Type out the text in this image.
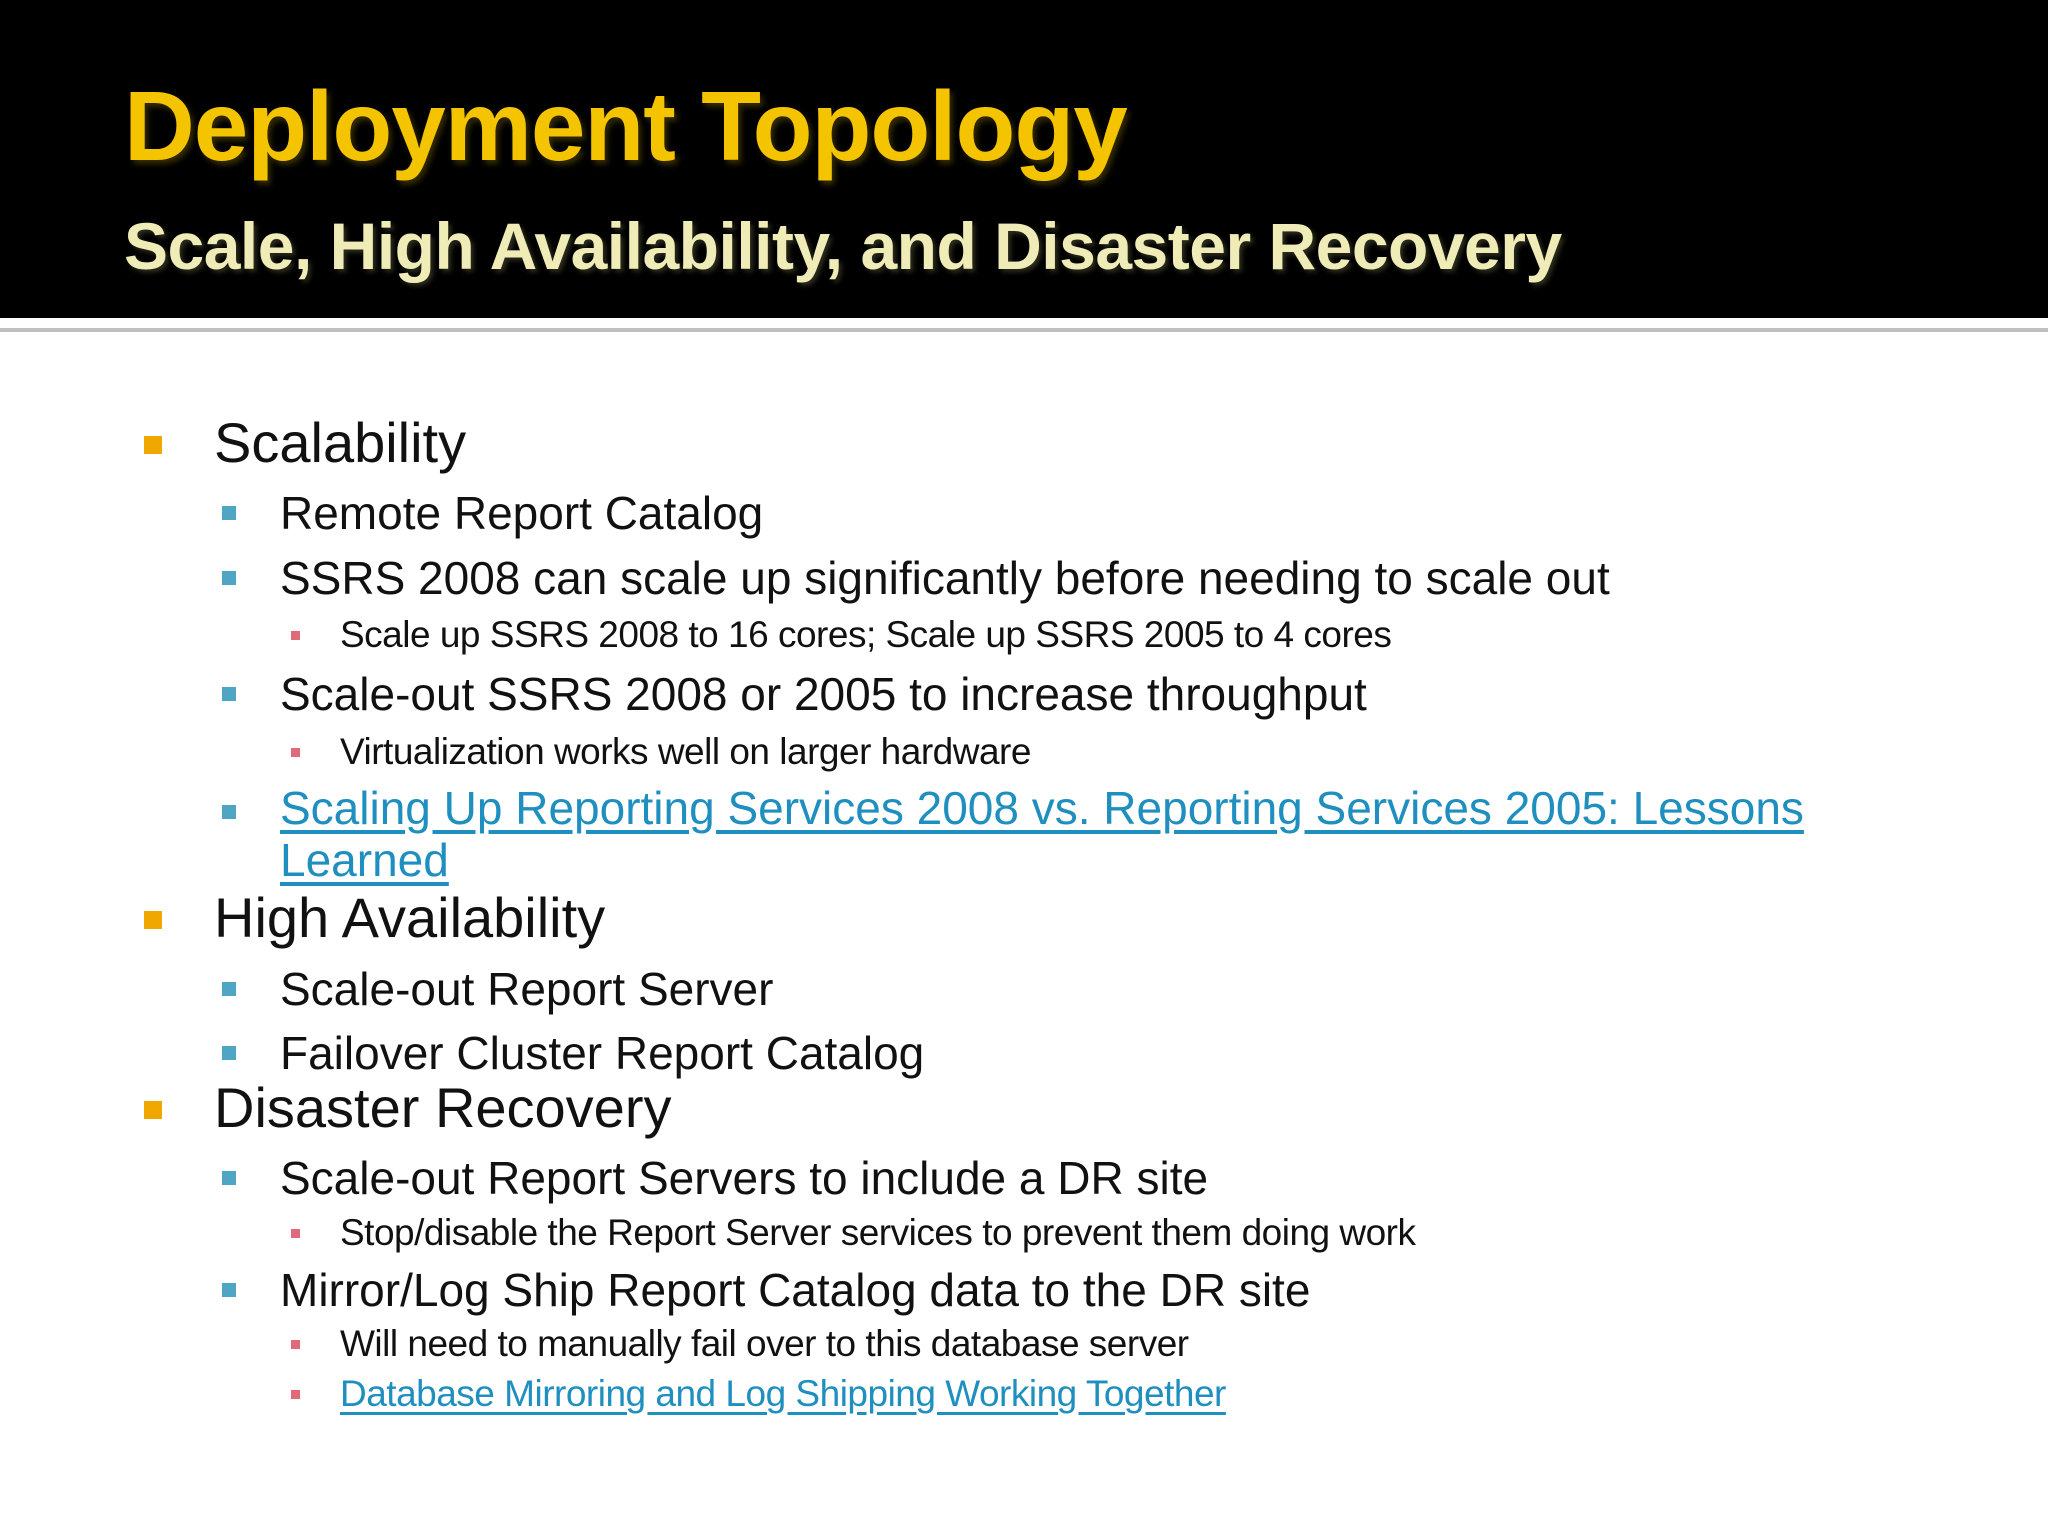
Deployment Topology
Scale, High Availability, and Disaster Recovery
Scalability
Remote Report Catalog
SSRS 2008 can scale up significantly before needing to scale out
Scale up SSRS 2008 to 16 cores; Scale up SSRS 2005 to 4 cores
Scale-out SSRS 2008 or 2005 to increase throughput
Virtualization works well on larger hardware
Scaling Up Reporting Services 2008 vs. Reporting Services 2005: Lessons Learned
High Availability
Scale-out Report Server
Failover Cluster Report Catalog
Disaster Recovery
Scale-out Report Servers to include a DR site
Stop/disable the Report Server services to prevent them doing work
Mirror/Log Ship Report Catalog data to the DR site
Will need to manually fail over to this database server
Database Mirroring and Log Shipping Working Together
